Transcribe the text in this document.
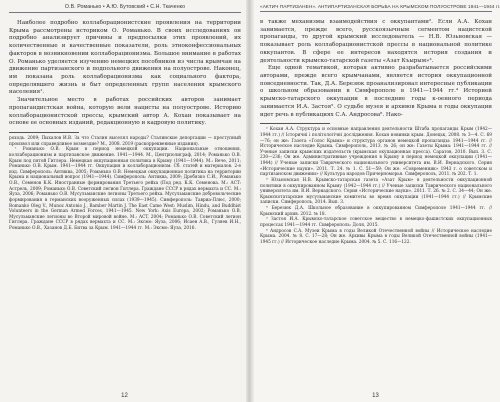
О.В. Романько • А.Ю. Бутовский • С.Н. Ткаченко

Наиболее подробно коллаборационистские проявления на территории Крыма рассмотрены историком О. Романько. В своих исследованиях он подробно анализирует причины и предпосылки этих проявлений, их количественные и качественные показатели, роль этноконфессиональных факторов в возникновении коллаборационизма. Большое внимание в работах О. Романько уделяется изучению немецких пособников из числа крымчан на движение партизанского и подпольного движения на полуострове. Наконец, им показана роль коллаборационизма как социального фактора, определявшего жизнь и быт определенных групп населения крымского населения¹.

Значительное место в работах российских авторов занимает пропагандистская война, которую вели нацисты на полуострове. Историю коллаборационистской прессы, крымский автор А. Кохан показывает на основе ее основных изданий, редакционную и кадровую политику.

роходь. 2009; Пыхалов И.В. За что Сталин выселял народы? Сталинские депортации — преступный произвол или справедливое возмездие? М., 2008. 2019 (раскорреквенные издания).

¹ Романько О.В. Крым в период немецкой оккупации. Национальные отношения, коллаборационизм и партизанское движение. 1941—1944. М., Центрполиграф, 2014; Романько О.В. Крым под пятой Гитлера. Немецкая оккупационная политика в Крыму (1941—1944). М.: Вече, 2011; Романько О.В. Крым. 1941—1944 гг. Оккупация и коллаборационизм. Сб. статей и материалов. 2-е изд. Симферополь: Антиква, 2005; Романько О.В. Немецкая оккупационная политика на территории Крыма и национальный вопрос (1941—1944). Симферополь: Антиква, 2009; Дробязко С.И., Романько О.В., Семенов К.К. Иностранные формирования Третьего рейха (Под ред. К.К. Семенова. М.: ACT: Астрель, 2009; Романько О.В. Советский легион Гитлера. Граждане СССР в рядах вермахта и СС. М.: Яуза, 2006; Романько О.В. Мусульманские легионы Третьего рейха. Мусульманские добровольческие формирования в германских вооруженных силах (1939—1945). Симферополь: Тавриа-Плюс, 2000; Romanko Oleg V., Munoz Antonio J., Bamber Martin J. The East Came West: Muslim, Hindu, and Buddhist Volunteers in the German Armed Forces, 1941—1945. New York: Axis Europa, 2002; Романько О.В. Мусульманские легионы во Второй мировой войне. М.: ACT, 2004; Романько О.В. Советский легион Гитлера. Граждане СССР в рядах вермахта и СС. М.: Эксмо: Яуза, 2006; Исаев А.В., Гуляев И.Н., Романько О.В., Хазанов Д.Б. Битва за Крым. 1941—1944 гг. М.: Эксмо: Яуза, 2016.

12
«АКТИЧ ПАРТИЗАНЕН». АНТИПАРТИЗАНСКАЯ БОРЬБА НА КРЫМСКОМ ПОЛУОСТРОВЕ 1941—1944 гг.

в также механизмы взаимодействия с оккупантами². Если А.А. Кохан занимается, прежде всего, русскоязычным сегментом нацистской пропаганды, то другой крымский исследователь — Н.В. Юзьновская — показывает роль коллаборационистской прессы в национальной политике оккупантов. В сфере ее интересов находятся история создания и деятельности крымско-татарской газеты «Азат Къырым»³.

Еще одной тематикой, которая активно разрабатывается российскими авторами, прежде всего крымчанами, является история оккупационной повседневности. Так, Д.А. Березюк проанализировал интересные публикации о школьном образовании в Симферополе в 1941—1944 гг.⁴ Историей крымско-татарского оккупации в последние годы к-оенного периода занимается И.А. Застоя⁵. О судьбе музея и архивов Крыма в годы оккупации идет речь в публикациях С.А. Андросова⁶. Нако-

² Кохан А.А. Структура и основные направления деятельности Штаба пропаганды Крым (1942—1944 гг.) // Історичні і політологічні дослідження. Кохан новинки крым. Донецьк, 2008. № 3—4. С. 69—76; он же: Газета «Голос Крыма» и структура органов немецкой пропаганды: 1941—1944 гг. // Историческое наследие Крыма. Симферополь, 2013. № 26; он же: Газеты Крыма: 1941—1944 гг. // Ученые записки крымских издательств (крымская окупационная пресса). Саратов, 2010. Вып. 3. С. 230—236; Он же. Административные учреждения в Крыму в период немецкой оккупации (1941—1944) // Ученые записки Таврического национального университета им. В.И. Вернадского. Серия «Исторические науки». 2011. Т. 24. № 1. С. 51—59; Он же. «Современник» 1943 г. о советском и партизанском движении» // Культура народов Причерноморья. Симферополь, 2011. № 202. Т. 1.

³ Юзьновская Н.В. Крымско-татарская газета «Азат Крым» в деятельности оккупационной политики в оккупированном Крыму (1942—1944 гг.) // Ученые записки Таврического национального университета им. В.И. Вернадского. Серия «Исторические науки». 2011. Т. 26. № 2. С. 34—44; Он же. Крымскотатарские мусульманские комитеты во время оккупации (1941—1944 гг.) // Крымские записки. Симферополь, 2014. Вып. 3.

⁴ Березюк Д.А. Школьное образование в оккупированном Симферополе 1941—1944 гг. // Крымский архив. 2012. № 18.

⁵ Застоя И.А. Крымско-татарское советское вещество в немецко-фашистских оккупационных процессах 1941—1944 гг. Симферополь: Доля, 2015.

⁶ Андросов С.А. Музеи Крыма в годы Великой Отечественной войны // Историческое наследие Крыма. 2004. № 8. С. 17—28; Он же. Архивы Крыма в годы Великой Отечественной войны (1941—1945 гг.) // Историческое наследие Крыма. 2004. № 5. С. 116—122.

13
